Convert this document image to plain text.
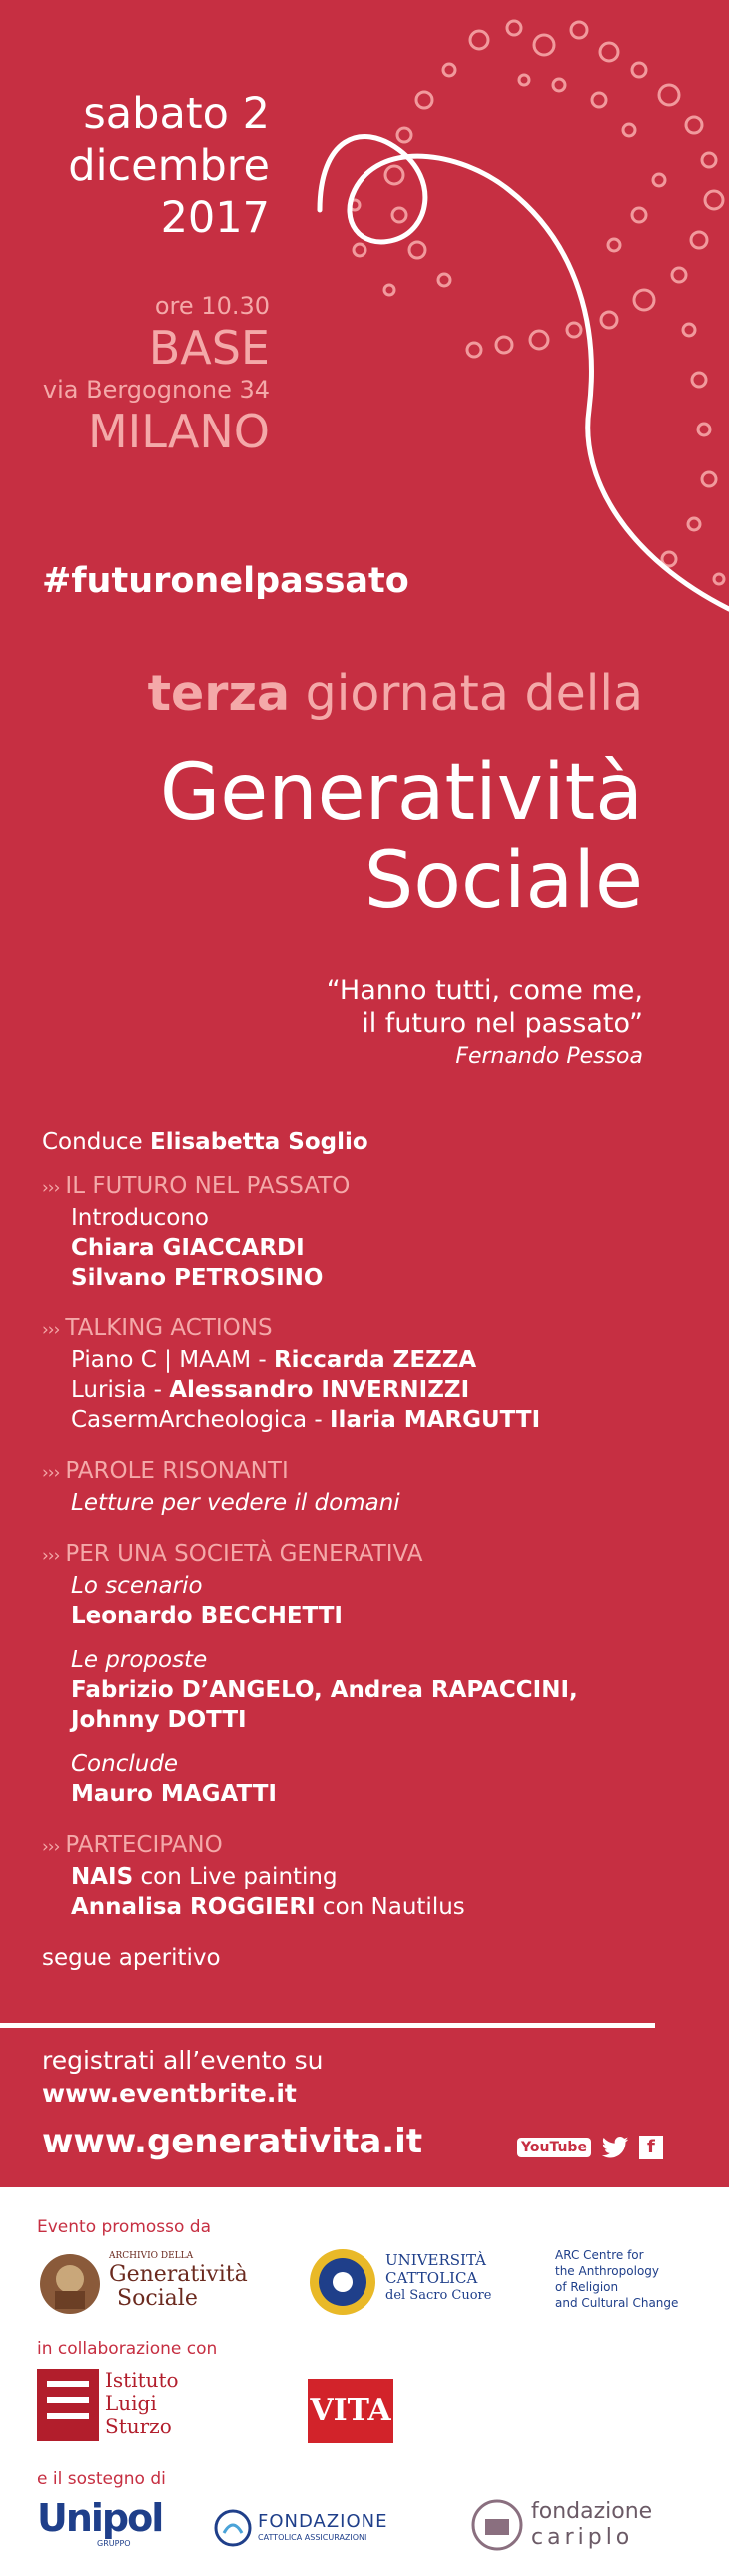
sabato 2
dicembre
2017
ore 10.30
BASE
via Bergognone 34
MILANO
#futuronelpassato
terza giornata della
Generatività
Sociale
“Hanno tutti, come me,
il futuro nel passato”
Fernando Pessoa
Conduce Elisabetta Soglio
››› IL FUTURO NEL PASSATO
Introducono
Chiara GIACCARDI
Silvano PETROSINO
››› TALKING ACTIONS
Piano C | MAAM - Riccarda ZEZZA
Lurisia - Alessandro INVERNIZZI
CasermArcheologica - Ilaria MARGUTTI
››› PAROLE RISONANTI
Letture per vedere il domani
››› PER UNA SOCIETÀ GENERATIVA
Lo scenario
Leonardo BECCHETTI
Le proposte
Fabrizio D’ANGELO, Andrea RAPACCINI,
Johnny DOTTI
Conclude
Mauro MAGATTI
››› PARTECIPANO
NAIS con Live painting
Annalisa ROGGIERI con Nautilus
segue aperitivo
registrati all’evento su
www.eventbrite.it
www.generativita.it	YouTube	f
Evento promosso da
ARCHIVIO DELLA
Generatività
Sociale
UNIVERSITÀ
CATTOLICA
del Sacro Cuore
ARC Centre for
the Anthropology
of Religion
and Cultural Change
in collaborazione con
Istituto
Luigi
Sturzo	VITA
e il sostegno di
Unipol
GRUPPO
FONDAZIONE
CATTOLICA ASSICURAZIONI
fondazione
cariplo
